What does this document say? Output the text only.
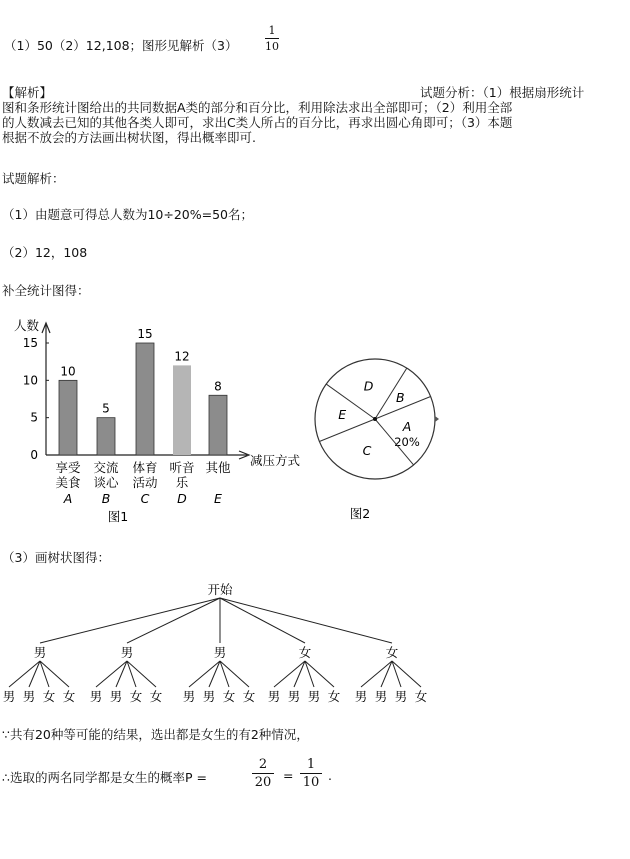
（1）50（2）12,108；图形见解析（3）
1
10
【解析】	试题分析：（1）根据扇形统计
图和条形统计图给出的共同数据A类的部分和百分比，利用除法求出全部即可；（2）利用全部
的人数减去已知的其他各类人即可，求出C类人所占的百分比，再求出圆心角即可；（3）本题
根据不放会的方法画出树状图，得出概率即可.
试题解析：
（1）由题意可得总人数为10÷20%=50名；
（2）12，108
补全统计图得：
人数
减压方式
0
5
10
15
10
享受
美食
A
5
交流
谈心
B
15
体育
活动
C
12
听音
乐
D
8
其他
E
图1
A
20%
C
E
D
B
图2
（3）画树状图得：
开始
男
男 男 女 女
男
男 男 女 女
男
男 男 女 女
女
男 男 男 女
女
男 男 男 女
∵共有20种等可能的结果，选出都是女生的有2种情况，
∴选取的两名同学都是女生的概率P =
2
20 =
1
10 .
